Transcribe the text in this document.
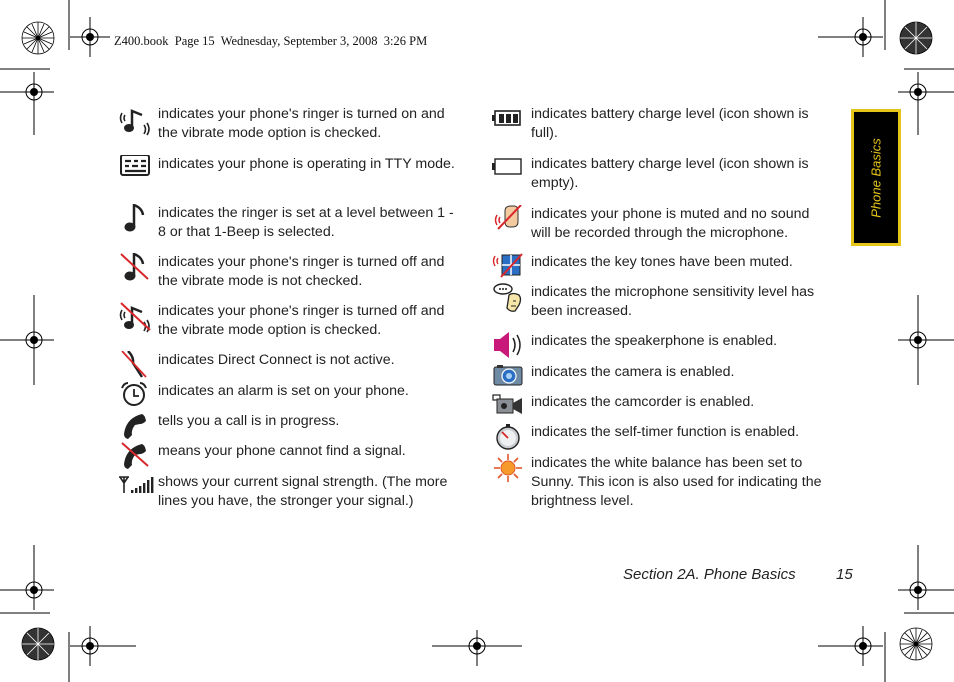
Z400.book  Page 15  Wednesday, September 3, 2008  3:26 PM
Phone Basics
indicates your phone's ringer is turned on and the vibrate mode option is checked.
indicates your phone is operating in TTY mode.
indicates the ringer is set at a level between 1 - 8 or that 1-Beep is selected.
indicates your phone's ringer is turned off and the vibrate mode is not checked.
indicates your phone's ringer is turned off and the vibrate mode option is checked.
indicates Direct Connect is not active.
indicates an alarm is set on your phone.
tells you a call is in progress.
means your phone cannot find a signal.
shows your current signal strength. (The more lines you have, the stronger your signal.)
indicates battery charge level (icon shown is full).
indicates battery charge level (icon shown is empty).
indicates your phone is muted and no sound will be recorded through the microphone.
indicates the key tones have been muted.
indicates the microphone sensitivity level has been increased.
indicates the speakerphone is enabled.
indicates the camera is enabled.
indicates the camcorder is enabled.
indicates the self-timer function is enabled.
indicates the white balance has been set to Sunny. This icon is also used for indicating the brightness level.
Section 2A. Phone Basics	15
